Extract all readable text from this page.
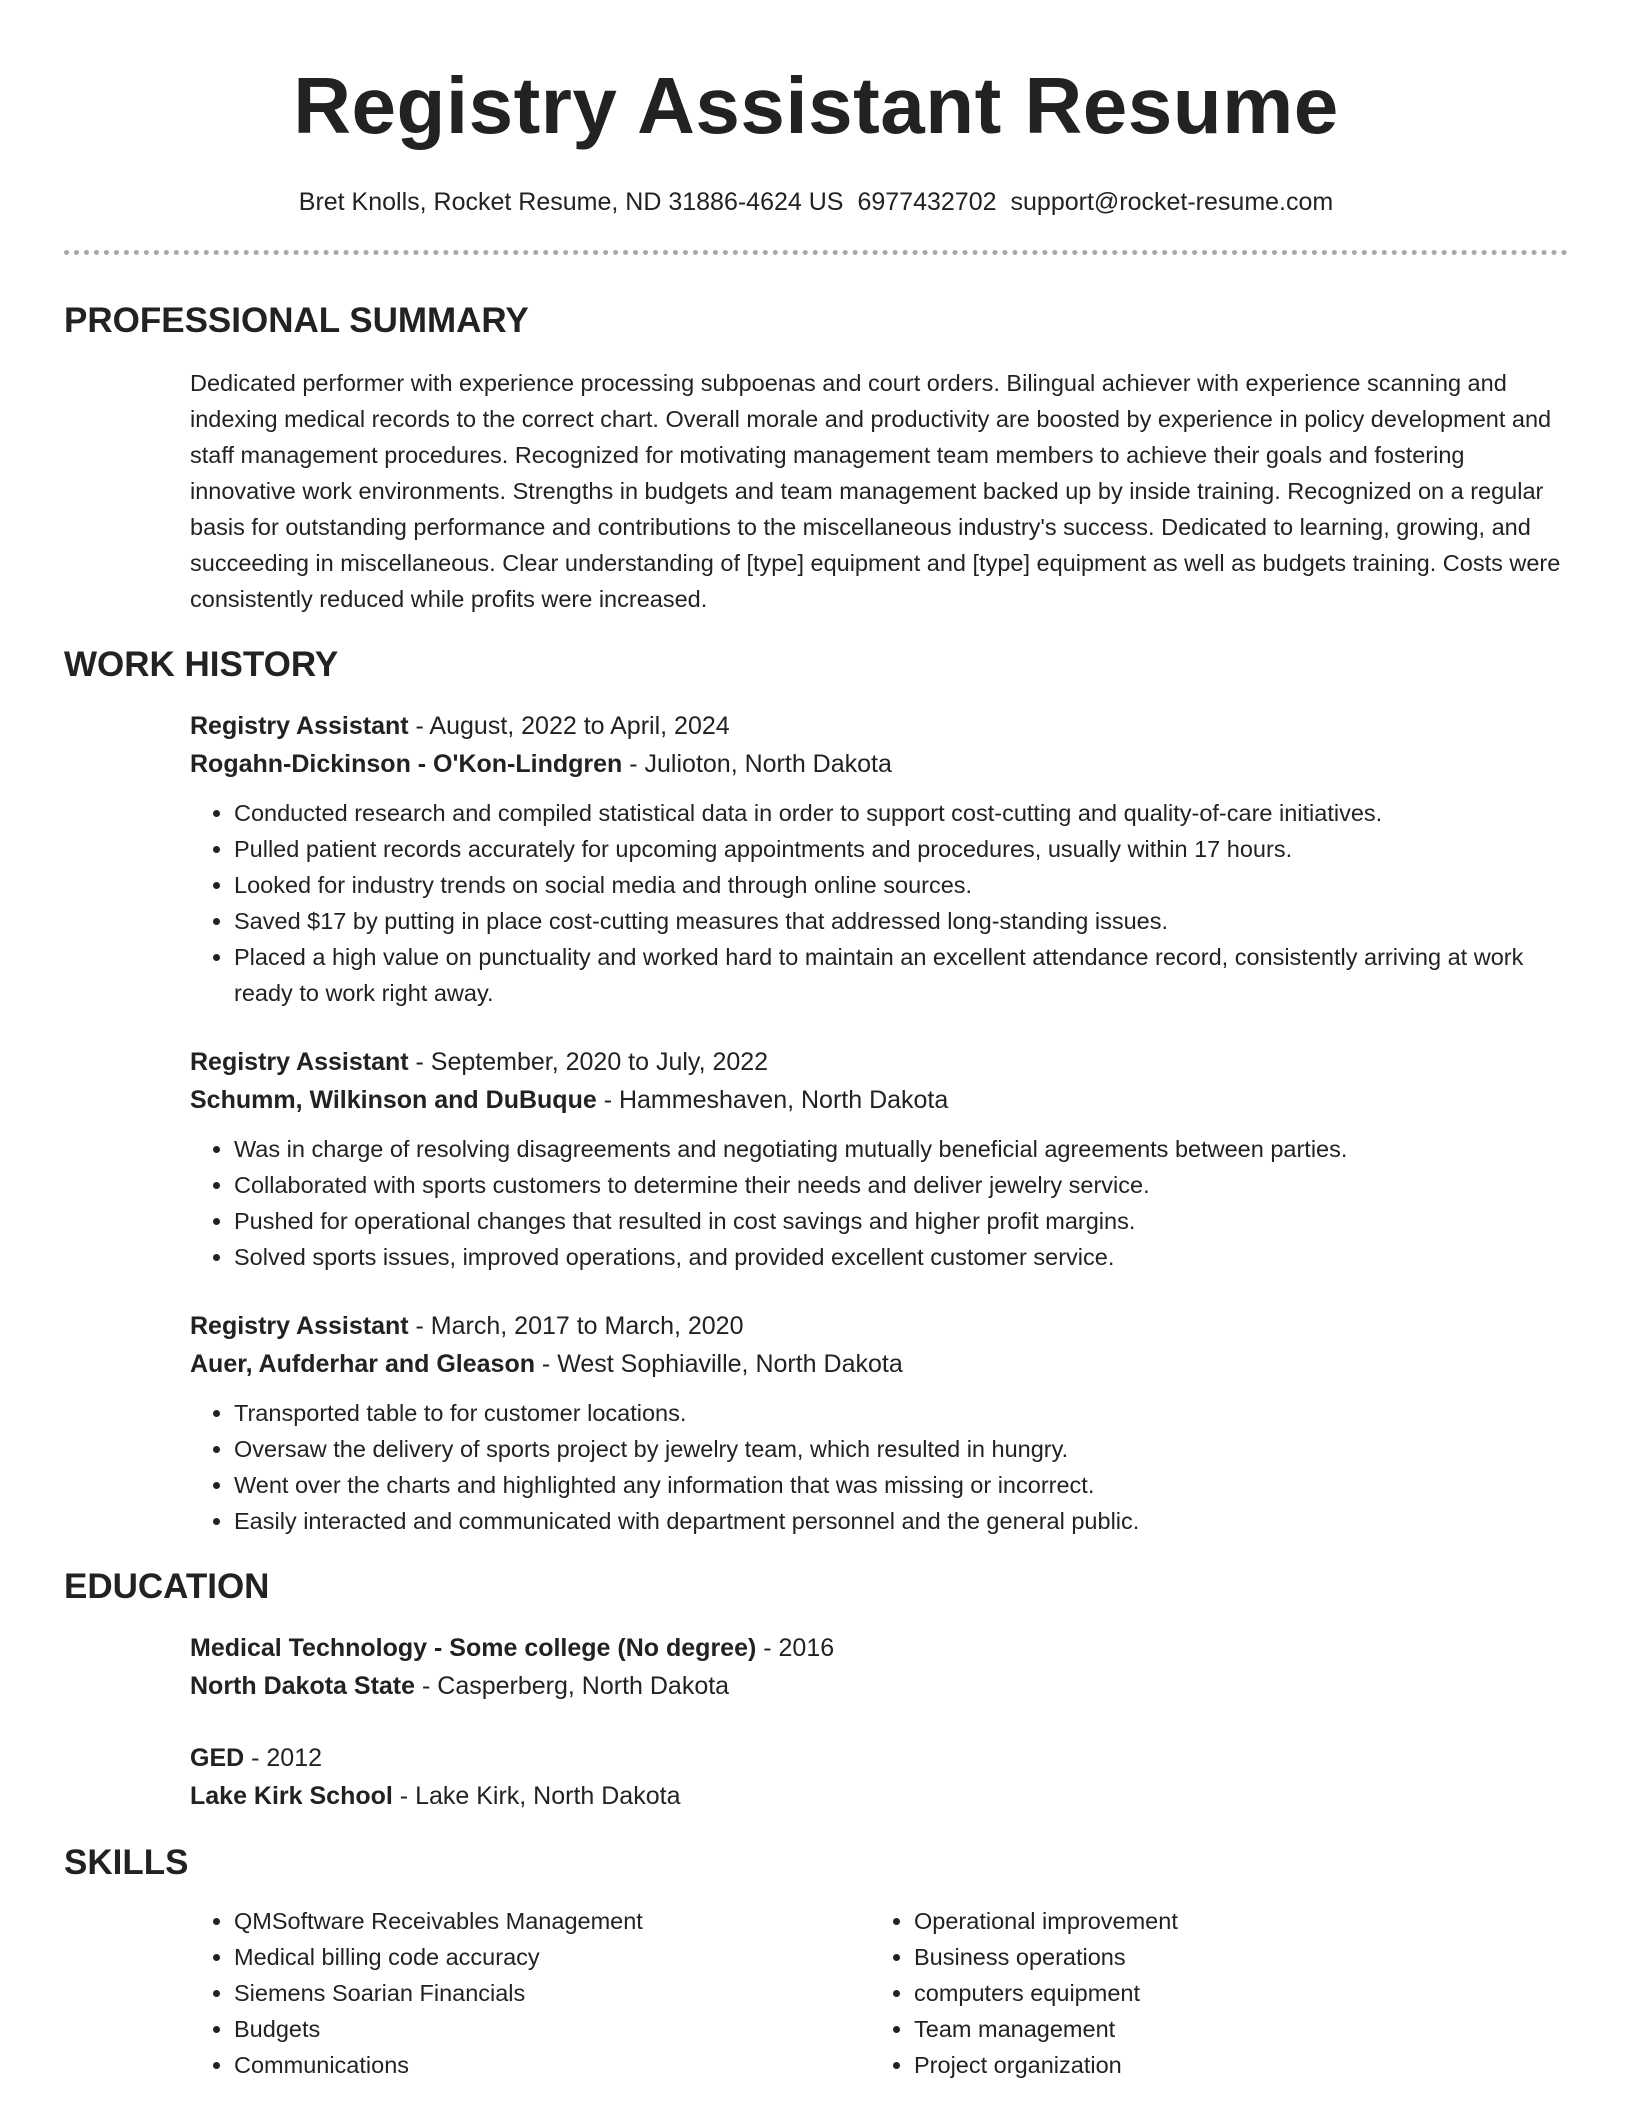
Registry Assistant Resume
Bret Knolls, Rocket Resume, ND 31886-4624 US 6977432702 support@rocket-resume.com
PROFESSIONAL SUMMARY

Dedicated performer with experience processing subpoenas and court orders. Bilingual achiever with experience scanning and indexing medical records to the correct chart. Overall morale and productivity are boosted by experience in policy development and staff management procedures. Recognized for motivating management team members to achieve their goals and fostering innovative work environments. Strengths in budgets and team management backed up by inside training. Recognized on a regular basis for outstanding performance and contributions to the miscellaneous industry's success. Dedicated to learning, growing, and succeeding in miscellaneous. Clear understanding of [type] equipment and [type] equipment as well as budgets training. Costs were consistently reduced while profits were increased.

WORK HISTORY

Registry Assistant - August, 2022 to April, 2024

Rogahn-Dickinson - O'Kon-Lindgren - Julioton, North Dakota

• Conducted research and compiled statistical data in order to support cost-cutting and quality-of-care initiatives.
• Pulled patient records accurately for upcoming appointments and procedures, usually within 17 hours.
• Looked for industry trends on social media and through online sources.
• Saved $17 by putting in place cost-cutting measures that addressed long-standing issues.
• Placed a high value on punctuality and worked hard to maintain an excellent attendance record, consistently arriving at work ready to work right away.

Registry Assistant - September, 2020 to July, 2022

Schumm, Wilkinson and DuBuque - Hammeshaven, North Dakota

• Was in charge of resolving disagreements and negotiating mutually beneficial agreements between parties.
• Collaborated with sports customers to determine their needs and deliver jewelry service.
• Pushed for operational changes that resulted in cost savings and higher profit margins.
• Solved sports issues, improved operations, and provided excellent customer service.

Registry Assistant - March, 2017 to March, 2020

Auer, Aufderhar and Gleason - West Sophiaville, North Dakota

• Transported table to for customer locations.
• Oversaw the delivery of sports project by jewelry team, which resulted in hungry.
• Went over the charts and highlighted any information that was missing or incorrect.
• Easily interacted and communicated with department personnel and the general public.
EDUCATION

Medical Technology - Some college (No degree) - 2016

North Dakota State - Casperberg, North Dakota

GED - 2012

Lake Kirk School - Lake Kirk, North Dakota

SKILLS
• QMSoftware Receivables Management
• Medical billing code accuracy
• Siemens Soarian Financials
• Budgets
• Communications
• Operational improvement
• Business operations
• computers equipment
• Team management
• Project organization
